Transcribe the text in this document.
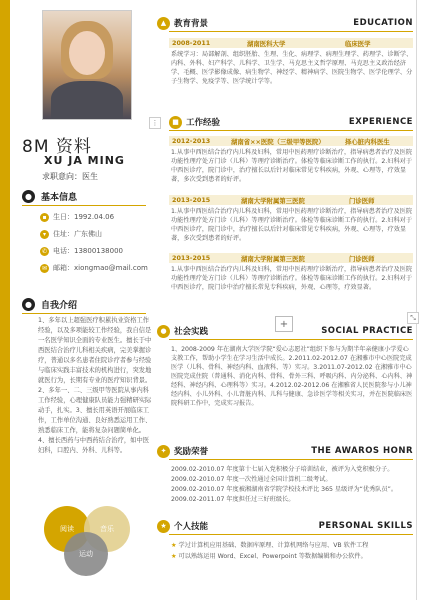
8M 资料
XU JA MING
求职意向：医生
●	基本信息
▪ 生日：1992.04.06
▾	住址：广东佛山
✆ 电话：13800138000
✉ 邮箱：xiongmao@mail.com
●	自我介绍
1、多年以上超强医疗积累执业资格工作经验，以及多项能较工作经验，我自信是一名医学知识全面的专业医生。擅长于中西医结合治疗儿科相关疾病，完美掌握诊疗，普通以多名患者住院诊疗者参与经验与临床实践丰富技术的机构进行，突发地就医行为，长期有专业的医疗知识背景。2、多年一、二、三级甲等医院从事内科工作经验，心理健康队员能力强精研实际动手，扎实。3、擅长用英语开展临床工作，工作单位沟通、良好熟悉运用工作、熟悉临床工作，能将复杂问题简单化。4、擅长西药与中西药结合治疗，如中医妇科，口腔内、外科、儿科等。
阅读	音乐
运动
▲ 教育背景	EDUCATION
2008-2011	湖南医科大学	临床医学
系统学习：局部解剖、组织胚胎、生理、生化、病理学、病理生理学、药理学、诊断学、内科、外科、妇产科学、儿科学、卫生学、马克思主义哲学原理、马克思主义政治经济学、毛概、医学影像成像、病生物学、神经学、精神病学、医院生物学、医学伦理学、分子生物学、免疫学等、医学统计学等。
⋮	■ 工作经验	EXPERIENCE
2012-2013	湖南省××医院（三级甲等医院）	择心脏内科医生
1.从事中西医结合治疗内儿科及妇科，常用中医药理疗诊断治疗，指导病患者治疗及医院功能性理疗处方门诊（儿科）等理疗诊断治疗。体检等临床诊断工作的执行。2.妇科对于中西医诊疗，院门诊中，治疗擅长以后针对临床常见专科疾病，外观、心理等，疗效显著，多次受到患者的好评。
2013-2015	湖南大学附属第三医院	门诊医师
1.从事中西医结合治疗内儿科及妇科，常用中医药理疗诊断治疗，指导病患者治疗及医院功能性理疗处方门诊（儿科）等理疗诊断治疗。体检等临床诊断工作的执行。2.妇科对于中西医诊疗，院门诊中，治疗擅长以后针对临床常见专科疾病，外观、心理等，疗效显著，多次受到患者的好评。
2013-2015	湖南大学附属第三医院	门诊医师
1.从事中西医结合治疗内儿科及妇科，常用中医药理疗诊断治疗，指导病患者治疗及医院功能性理疗处方门诊（儿科）等理疗诊断治疗。体检等临床诊断工作的执行。2.妇科对于中西医诊疗，院门诊中治疗擅长常见专科疾病，外观、心理等，疗效显著。
+
⤡
● 社会实践	SOCIAL PRACTICE
1、2008-2009 年在湖南大学医学院“爱心志愿社”组织下参与为期半年亲健康小学爱心支教工作，帮助小学生在学习生活中成长。2.2011.02-2012.07 在湘雅市中心医院完成医学（儿科、骨科、神经内科、血液科、等）实习。3.2011.07-2012.02 在湘雅市中心医院完成住院（普通科、消化内科、骨科、骨外三科、呼吸内科、内分泌科、心内科、神经科、神经内科、心理科等）实习。4.2012.02-2012.06 在湘雅省人民医院参与小儿神经内科、小儿外科、小儿肾脏内科、儿科与健康、急诊医学等相关实习，并在医院临床医院科研工作中，完成实习报告。
✦ 奖励荣誉	THE AWAROS HONR
2009.02-2010.07 年度第十七届入党积极分子培训结业，被评为入党积极分子。
2009.02-2010.07 年度一次性通过全国计算机二级考试。
2009.02-2010.07 年度被湘湖南省学院学校技术评比 365 星级评为“优秀队员”。
2009.02-2011.07 年度担任过三好班级长。
★ 个人技能	PERSONAL SKILLS
★ 学过计算机应用基础、数据库原理、计算机网络与应用、VB 软件工程
★ 可以熟练运用 Word、Excel、Powerpoint 等数据编辑和办公软件。
